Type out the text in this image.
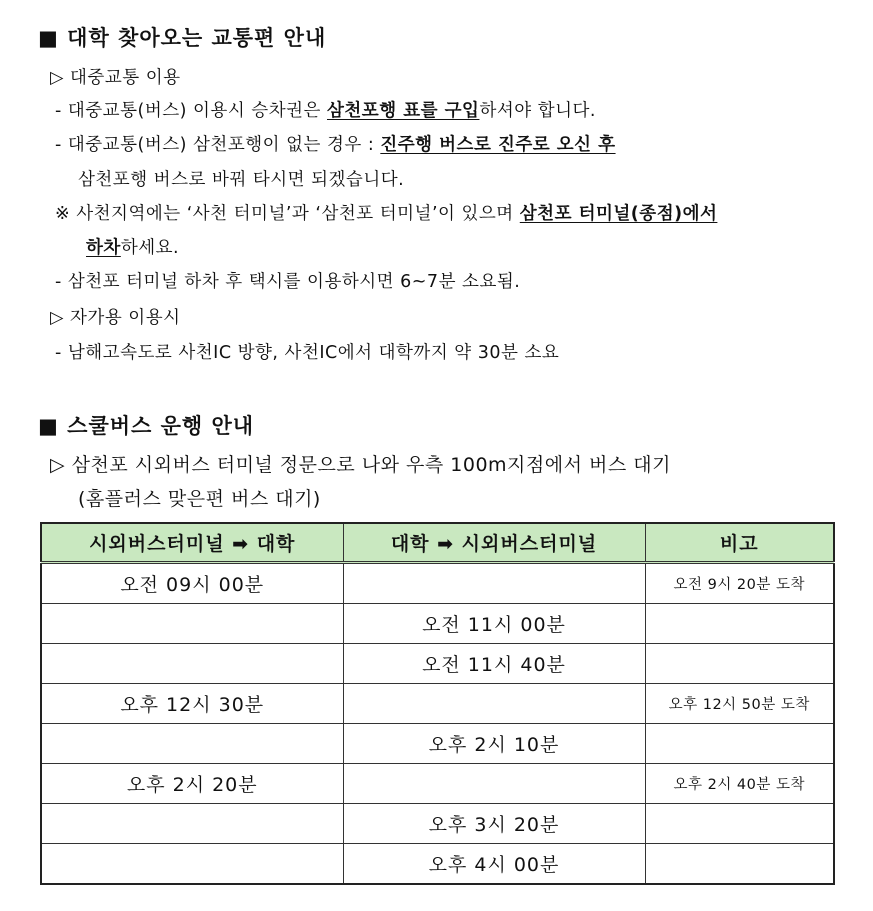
■ 대학 찾아오는 교통편 안내
▷ 대중교통 이용
- 대중교통(버스) 이용시 승차권은 삼천포행 표를 구입하셔야 합니다.
- 대중교통(버스) 삼천포행이 없는 경우 : 진주행 버스로 진주로 오신 후
삼천포행 버스로 바꿔 타시면 되겠습니다.
※ 사천지역에는 ‘사천 터미널’과 ‘삼천포 터미널’이 있으며 삼천포 터미널(종점)에서
하차하세요.
- 삼천포 터미널 하차 후 택시를 이용하시면 6~7분 소요됨.
▷ 자가용 이용시
- 남해고속도로 사천IC 방향, 사천IC에서 대학까지 약 30분 소요
■ 스쿨버스 운행 안내
▷ 삼천포 시외버스 터미널 정문으로 나와 우측 100m지점에서 버스 대기
(홈플러스 맞은편 버스 대기)
시외버스터미널 ➡ 대학	대학 ➡ 시외버스터미널	비고
오전 09시 00분		오전 9시 20분 도착
	오전 11시 00분	
	오전 11시 40분	
오후 12시 30분		오후 12시 50분 도착
	오후 2시 10분	
오후 2시 20분		오후 2시 40분 도착
	오후 3시 20분	
	오후 4시 00분	
